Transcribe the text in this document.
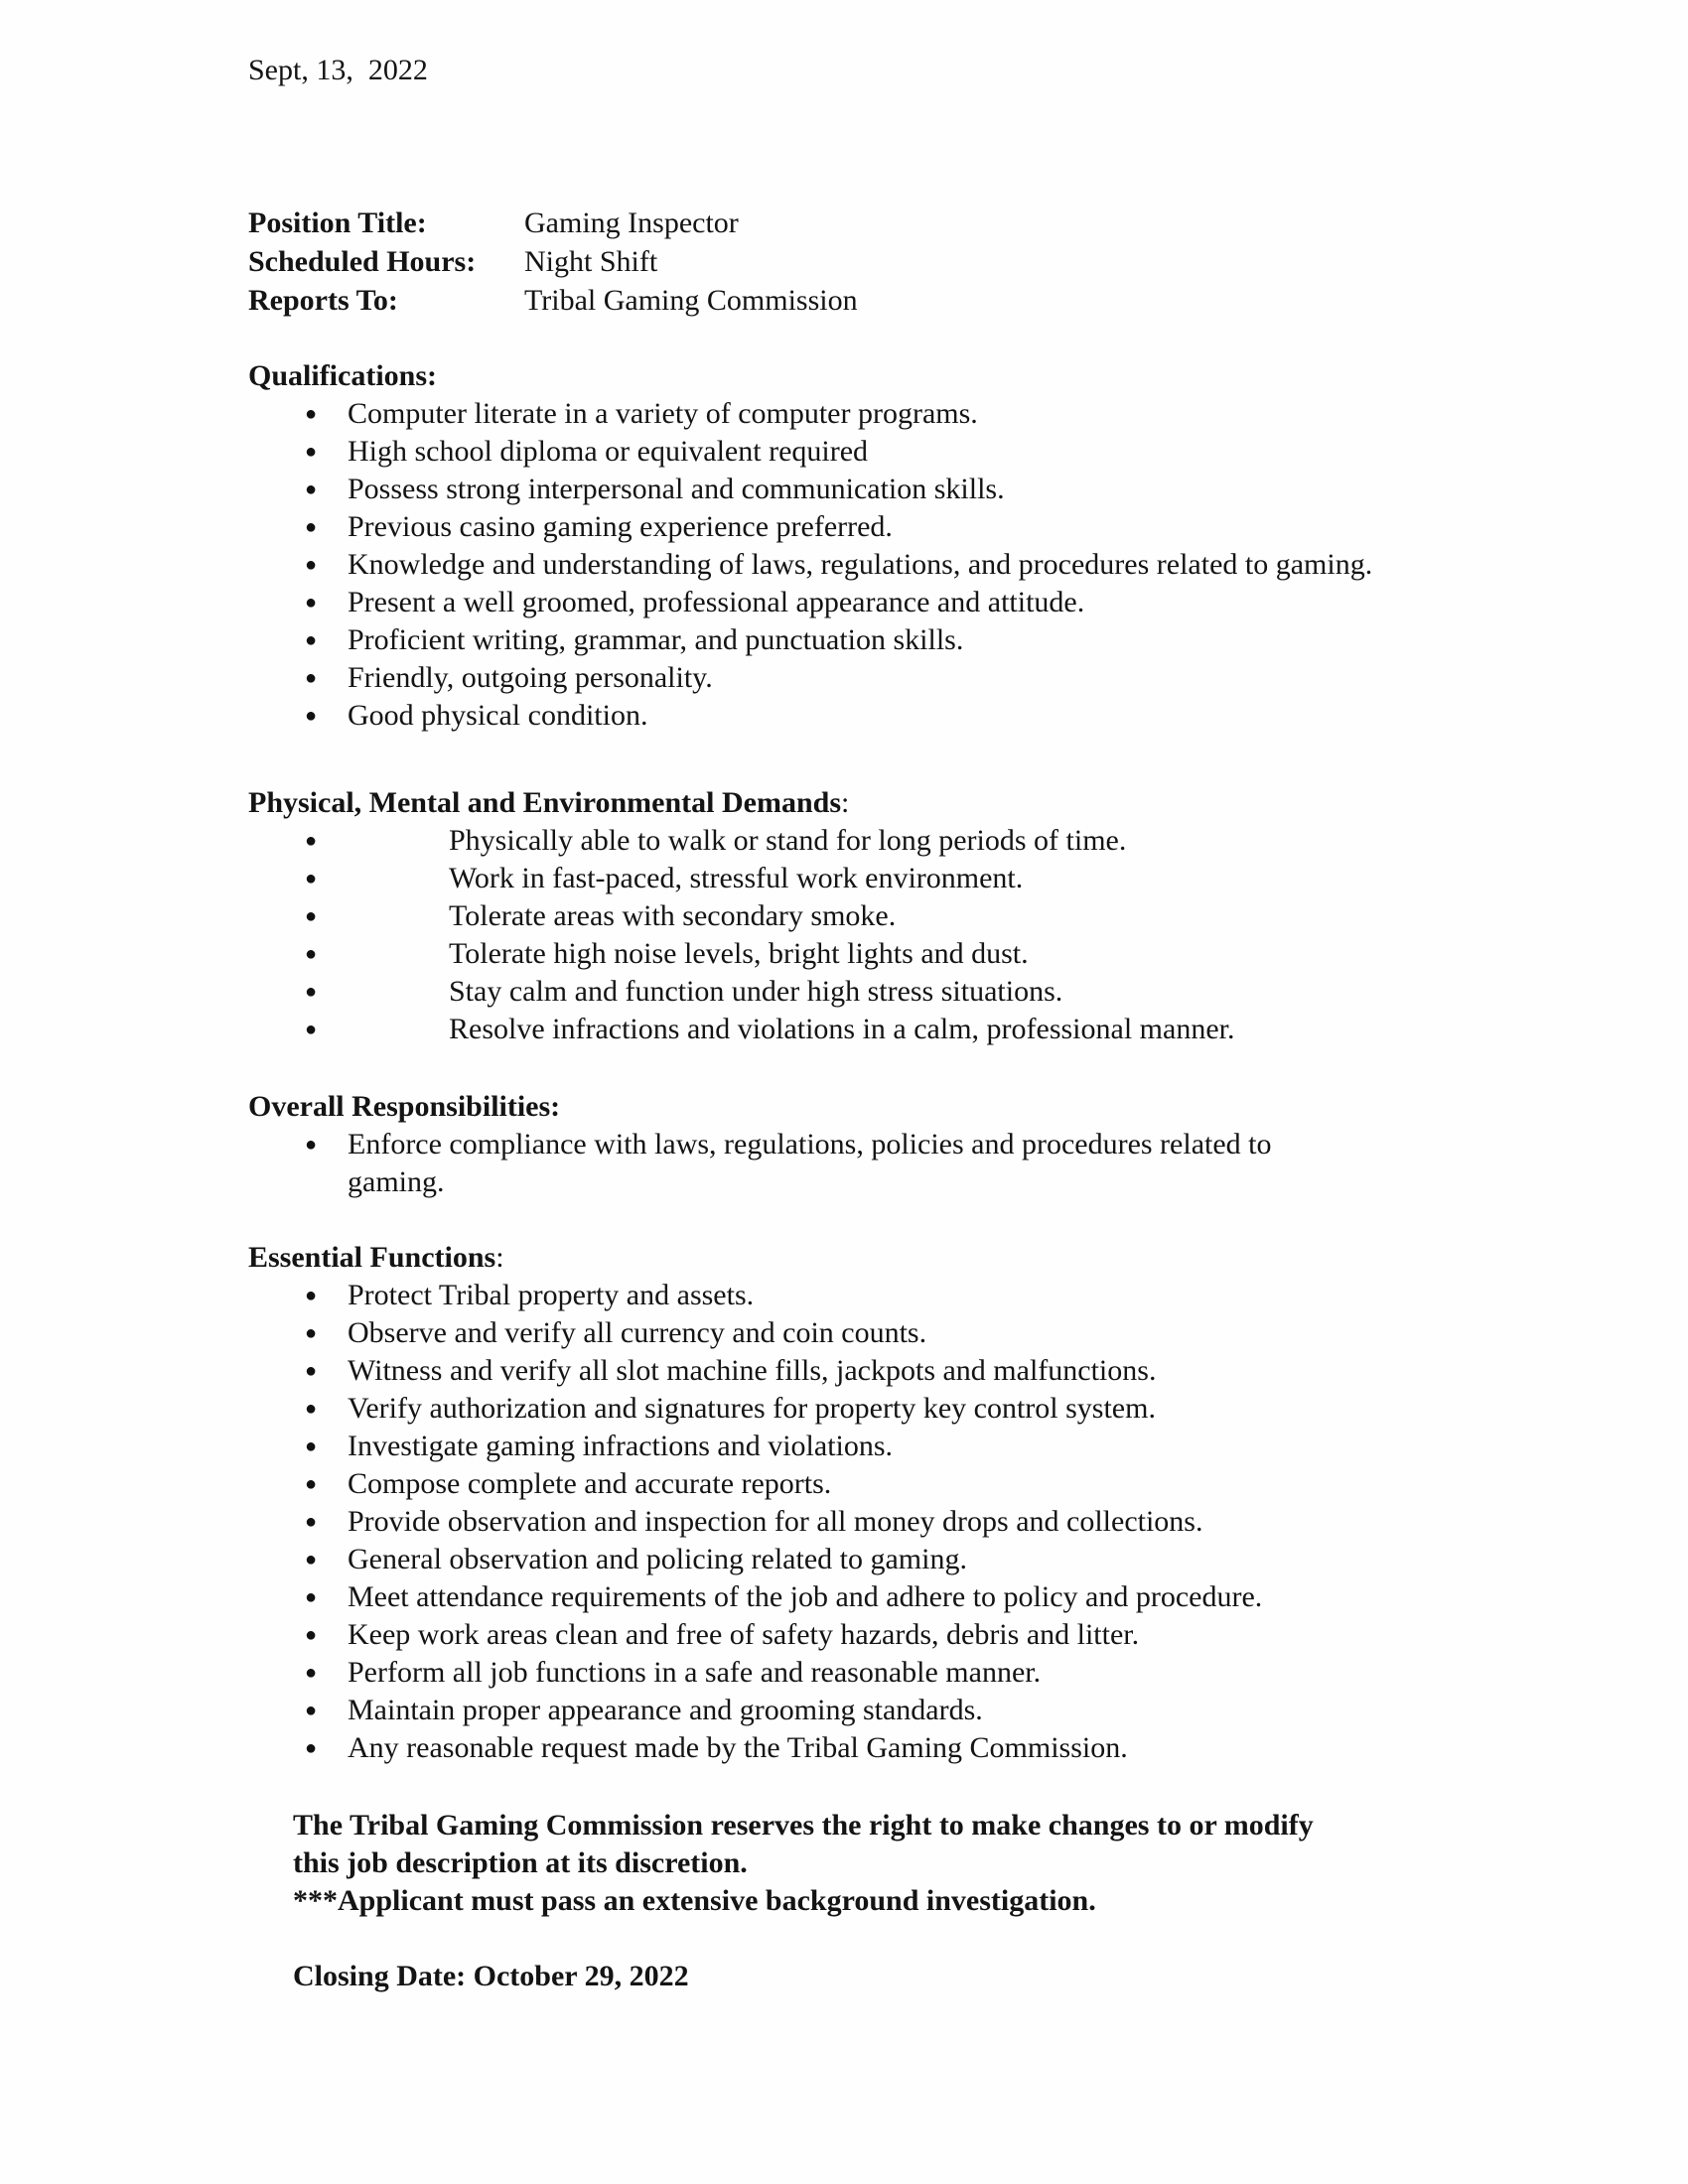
Sept, 13,  2022
Position Title:	Gaming Inspector
Scheduled Hours:	Night Shift
Reports To:	Tribal Gaming Commission
Qualifications:
●	Computer literate in a variety of computer programs.
●	High school diploma or equivalent required
●	Possess strong interpersonal and communication skills.
●	Previous casino gaming experience preferred.
●	Knowledge and understanding of laws, regulations, and procedures related to gaming.
●	Present a well groomed, professional appearance and attitude.
●	Proficient writing, grammar, and punctuation skills.
●	Friendly, outgoing personality.
●	Good physical condition.
Physical, Mental and Environmental Demands:
●	Physically able to walk or stand for long periods of time.
●	Work in fast-paced, stressful work environment.
●	Tolerate areas with secondary smoke.
●	Tolerate high noise levels, bright lights and dust.
●	Stay calm and function under high stress situations.
●	Resolve infractions and violations in a calm, professional manner.
Overall Responsibilities:
●	Enforce compliance with laws, regulations, policies and procedures related to
gaming.
Essential Functions:
●	Protect Tribal property and assets.
●	Observe and verify all currency and coin counts.
●	Witness and verify all slot machine fills, jackpots and malfunctions.
●	Verify authorization and signatures for property key control system.
●	Investigate gaming infractions and violations.
●	Compose complete and accurate reports.
●	Provide observation and inspection for all money drops and collections.
●	General observation and policing related to gaming.
●	Meet attendance requirements of the job and adhere to policy and procedure.
●	Keep work areas clean and free of safety hazards, debris and litter.
●	Perform all job functions in a safe and reasonable manner.
●	Maintain proper appearance and grooming standards.
●	Any reasonable request made by the Tribal Gaming Commission.
The Tribal Gaming Commission reserves the right to make changes to or modify
this job description at its discretion.
***Applicant must pass an extensive background investigation.
Closing Date: October 29, 2022
